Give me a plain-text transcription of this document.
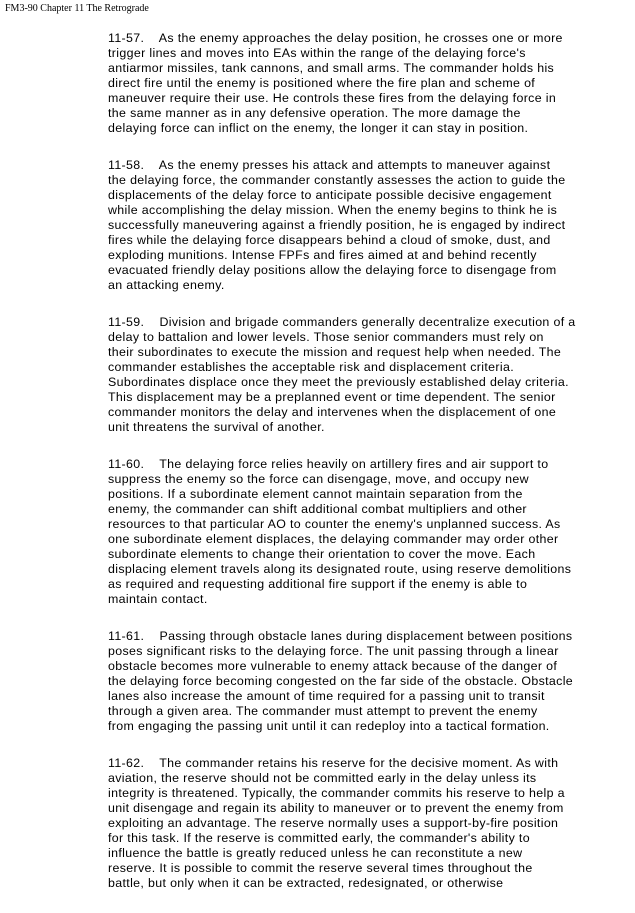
FM3-90 Chapter 11 The Retrograde
11-57.    As the enemy approaches the delay position, he crosses one or more
trigger lines and moves into EAs within the range of the delaying force's
antiarmor missiles, tank cannons, and small arms. The commander holds his
direct fire until the enemy is positioned where the fire plan and scheme of
maneuver require their use. He controls these fires from the delaying force in
the same manner as in any defensive operation. The more damage the
delaying force can inflict on the enemy, the longer it can stay in position.
11-58.    As the enemy presses his attack and attempts to maneuver against
the delaying force, the commander constantly assesses the action to guide the
displacements of the delay force to anticipate possible decisive engagement
while accomplishing the delay mission. When the enemy begins to think he is
successfully maneuvering against a friendly position, he is engaged by indirect
fires while the delaying force disappears behind a cloud of smoke, dust, and
exploding munitions. Intense FPFs and fires aimed at and behind recently
evacuated friendly delay positions allow the delaying force to disengage from
an attacking enemy.
11-59.    Division and brigade commanders generally decentralize execution of a
delay to battalion and lower levels. Those senior commanders must rely on
their subordinates to execute the mission and request help when needed. The
commander establishes the acceptable risk and displacement criteria.
Subordinates displace once they meet the previously established delay criteria.
This displacement may be a preplanned event or time dependent. The senior
commander monitors the delay and intervenes when the displacement of one
unit threatens the survival of another.
11-60.    The delaying force relies heavily on artillery fires and air support to
suppress the enemy so the force can disengage, move, and occupy new
positions. If a subordinate element cannot maintain separation from the
enemy, the commander can shift additional combat multipliers and other
resources to that particular AO to counter the enemy's unplanned success. As
one subordinate element displaces, the delaying commander may order other
subordinate elements to change their orientation to cover the move. Each
displacing element travels along its designated route, using reserve demolitions
as required and requesting additional fire support if the enemy is able to
maintain contact.
11-61.    Passing through obstacle lanes during displacement between positions
poses significant risks to the delaying force. The unit passing through a linear
obstacle becomes more vulnerable to enemy attack because of the danger of
the delaying force becoming congested on the far side of the obstacle. Obstacle
lanes also increase the amount of time required for a passing unit to transit
through a given area. The commander must attempt to prevent the enemy
from engaging the passing unit until it can redeploy into a tactical formation.
11-62.    The commander retains his reserve for the decisive moment. As with
aviation, the reserve should not be committed early in the delay unless its
integrity is threatened. Typically, the commander commits his reserve to help a
unit disengage and regain its ability to maneuver or to prevent the enemy from
exploiting an advantage. The reserve normally uses a support-by-fire position
for this task. If the reserve is committed early, the commander's ability to
influence the battle is greatly reduced unless he can reconstitute a new
reserve. It is possible to commit the reserve several times throughout the
battle, but only when it can be extracted, redesignated, or otherwise
